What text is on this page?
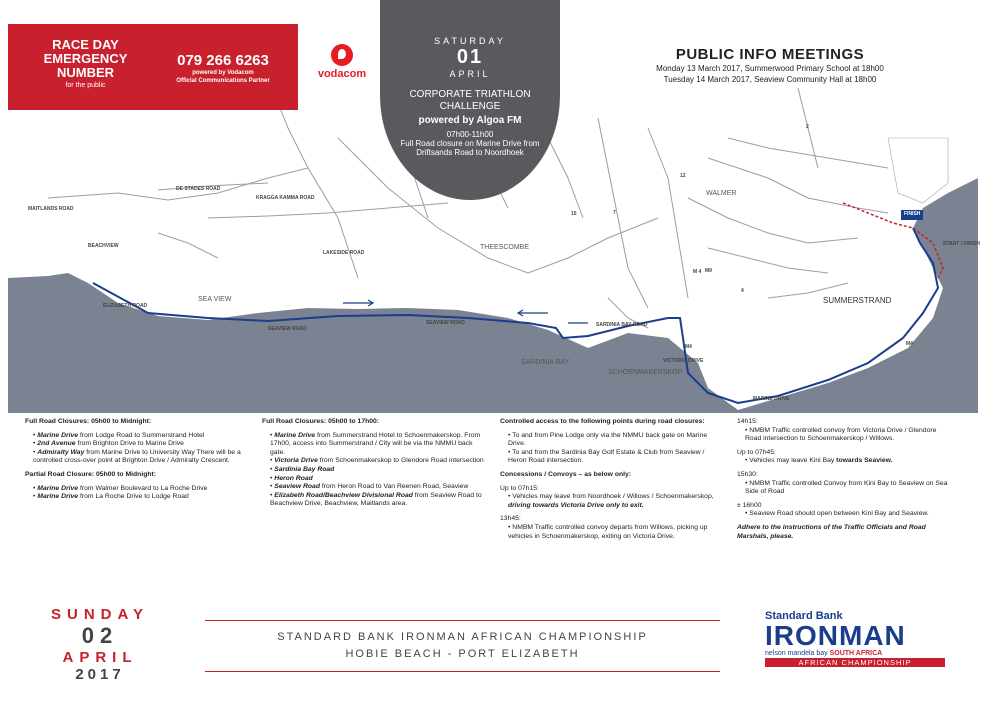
DE STADES ROAD
MAITLANDS ROAD
KRAGGA KAMMA ROAD
BEACHVIEW
SEAVIEW ROAD
ELIZABETH ROAD
SEAVIEW ROAD
LAKESIDE ROAD
THEESCOMBE
SARDINIA BAY ROAD
SARDINIA BAY
SCHOENMAKERSKOP
VICTORIA DRIVE
MARINE DRIVE
WALMER
SUMMERSTRAND
SEA VIEW
FINISH
START / FINISH
15
12
7
2
M9
4
M4	M4
M 4
RACE DAY
EMERGENCY
NUMBER
for the public
079 266 6263
powered by Vodacom
Official Communications Partner
vodacom
SATURDAY
01
APRIL
CORPORATE TRIATHLON
CHALLENGE
powered by Algoa FM
07h00-11h00
Full Road closure on Marine Drive from Driftsands Road to Noordhoek
PUBLIC INFO MEETINGS
Monday 13 March 2017, Summerwood Primary School at 18h00
Tuesday 14 March 2017, Seaview Community Hall at 18h00

Full Road Closures: 05h00 to Midnight:

• Marine Drive from Lodge Road to Summerstrand Hotel
• 2nd Avenue from Brighton Drive to Marine Drive
• Admiralty Way from Marine Drive to University Way There will be a controlled cross-over point at Brighton Drive / Admiralty Crescent.

Partial Road Closure: 05h00 to Midnight:

• Marine Drive from Walmer Boulevard to La Roche Drive
• Marine Drive from La Roche Drive to Lodge Road

Full Road Closures: 05h00 to 17h00:

• Marine Drive from Summerstrand Hotel to Schoenmakerskop. From 17h00, access into Summerstrand / City will be via the NMMU back gate.
• Victoria Drive from Schoenmakerskop to Glendore Road intersection
• Sardinia Bay Road
• Heron Road
• Seaview Road from Heron Road to Van Reenen Road, Seaview
• Elizabeth Road/Beachview Divisional Road from Seaview Road to Beachview Drive, Beachview, Maitlands area.

Controlled access to the following points during road closures:

• To and from Pine Lodge only via the NMMU back gate on Marine Drive.
• To and from the Sardinia Bay Golf Estate & Club from Seaview / Heron Road intersection.

Concessions / Convoys – as below only:

Up to 07h15:

• Vehicles may leave from Noordhoek / Willows / Schoenmakerskop, driving towards Victoria Drive only to exit.

13h45:

• NMBM Traffic controlled convoy departs from Willows, picking up vehicles in Schoenmakerskop, exiting on Victoria Drive.

14h15:

• NMBM Traffic controlled convoy from Victoria Drive / Glendore Road intersection to Schoenmakerskop / Willows.

Up to 07h45:

• Vehicles may leave Kini Bay towards Seaview.

15h30:

• NMBM Traffic controlled Convoy from Kini Bay to Seaview on Sea Side of Road

± 16h00

• Seaview Road should open between Kini Bay and Seaview.

Adhere to the instructions of the Traffic Officials and Road Marshals, please.

SUNDAY
02
APRIL
2017
STANDARD BANK IRONMAN AFRICAN CHAMPIONSHIP
HOBIE BEACH - PORT ELIZABETH
Standard Bank
IRONMAN
nelson mandela bay SOUTH AFRICA
AFRICAN CHAMPIONSHIP
